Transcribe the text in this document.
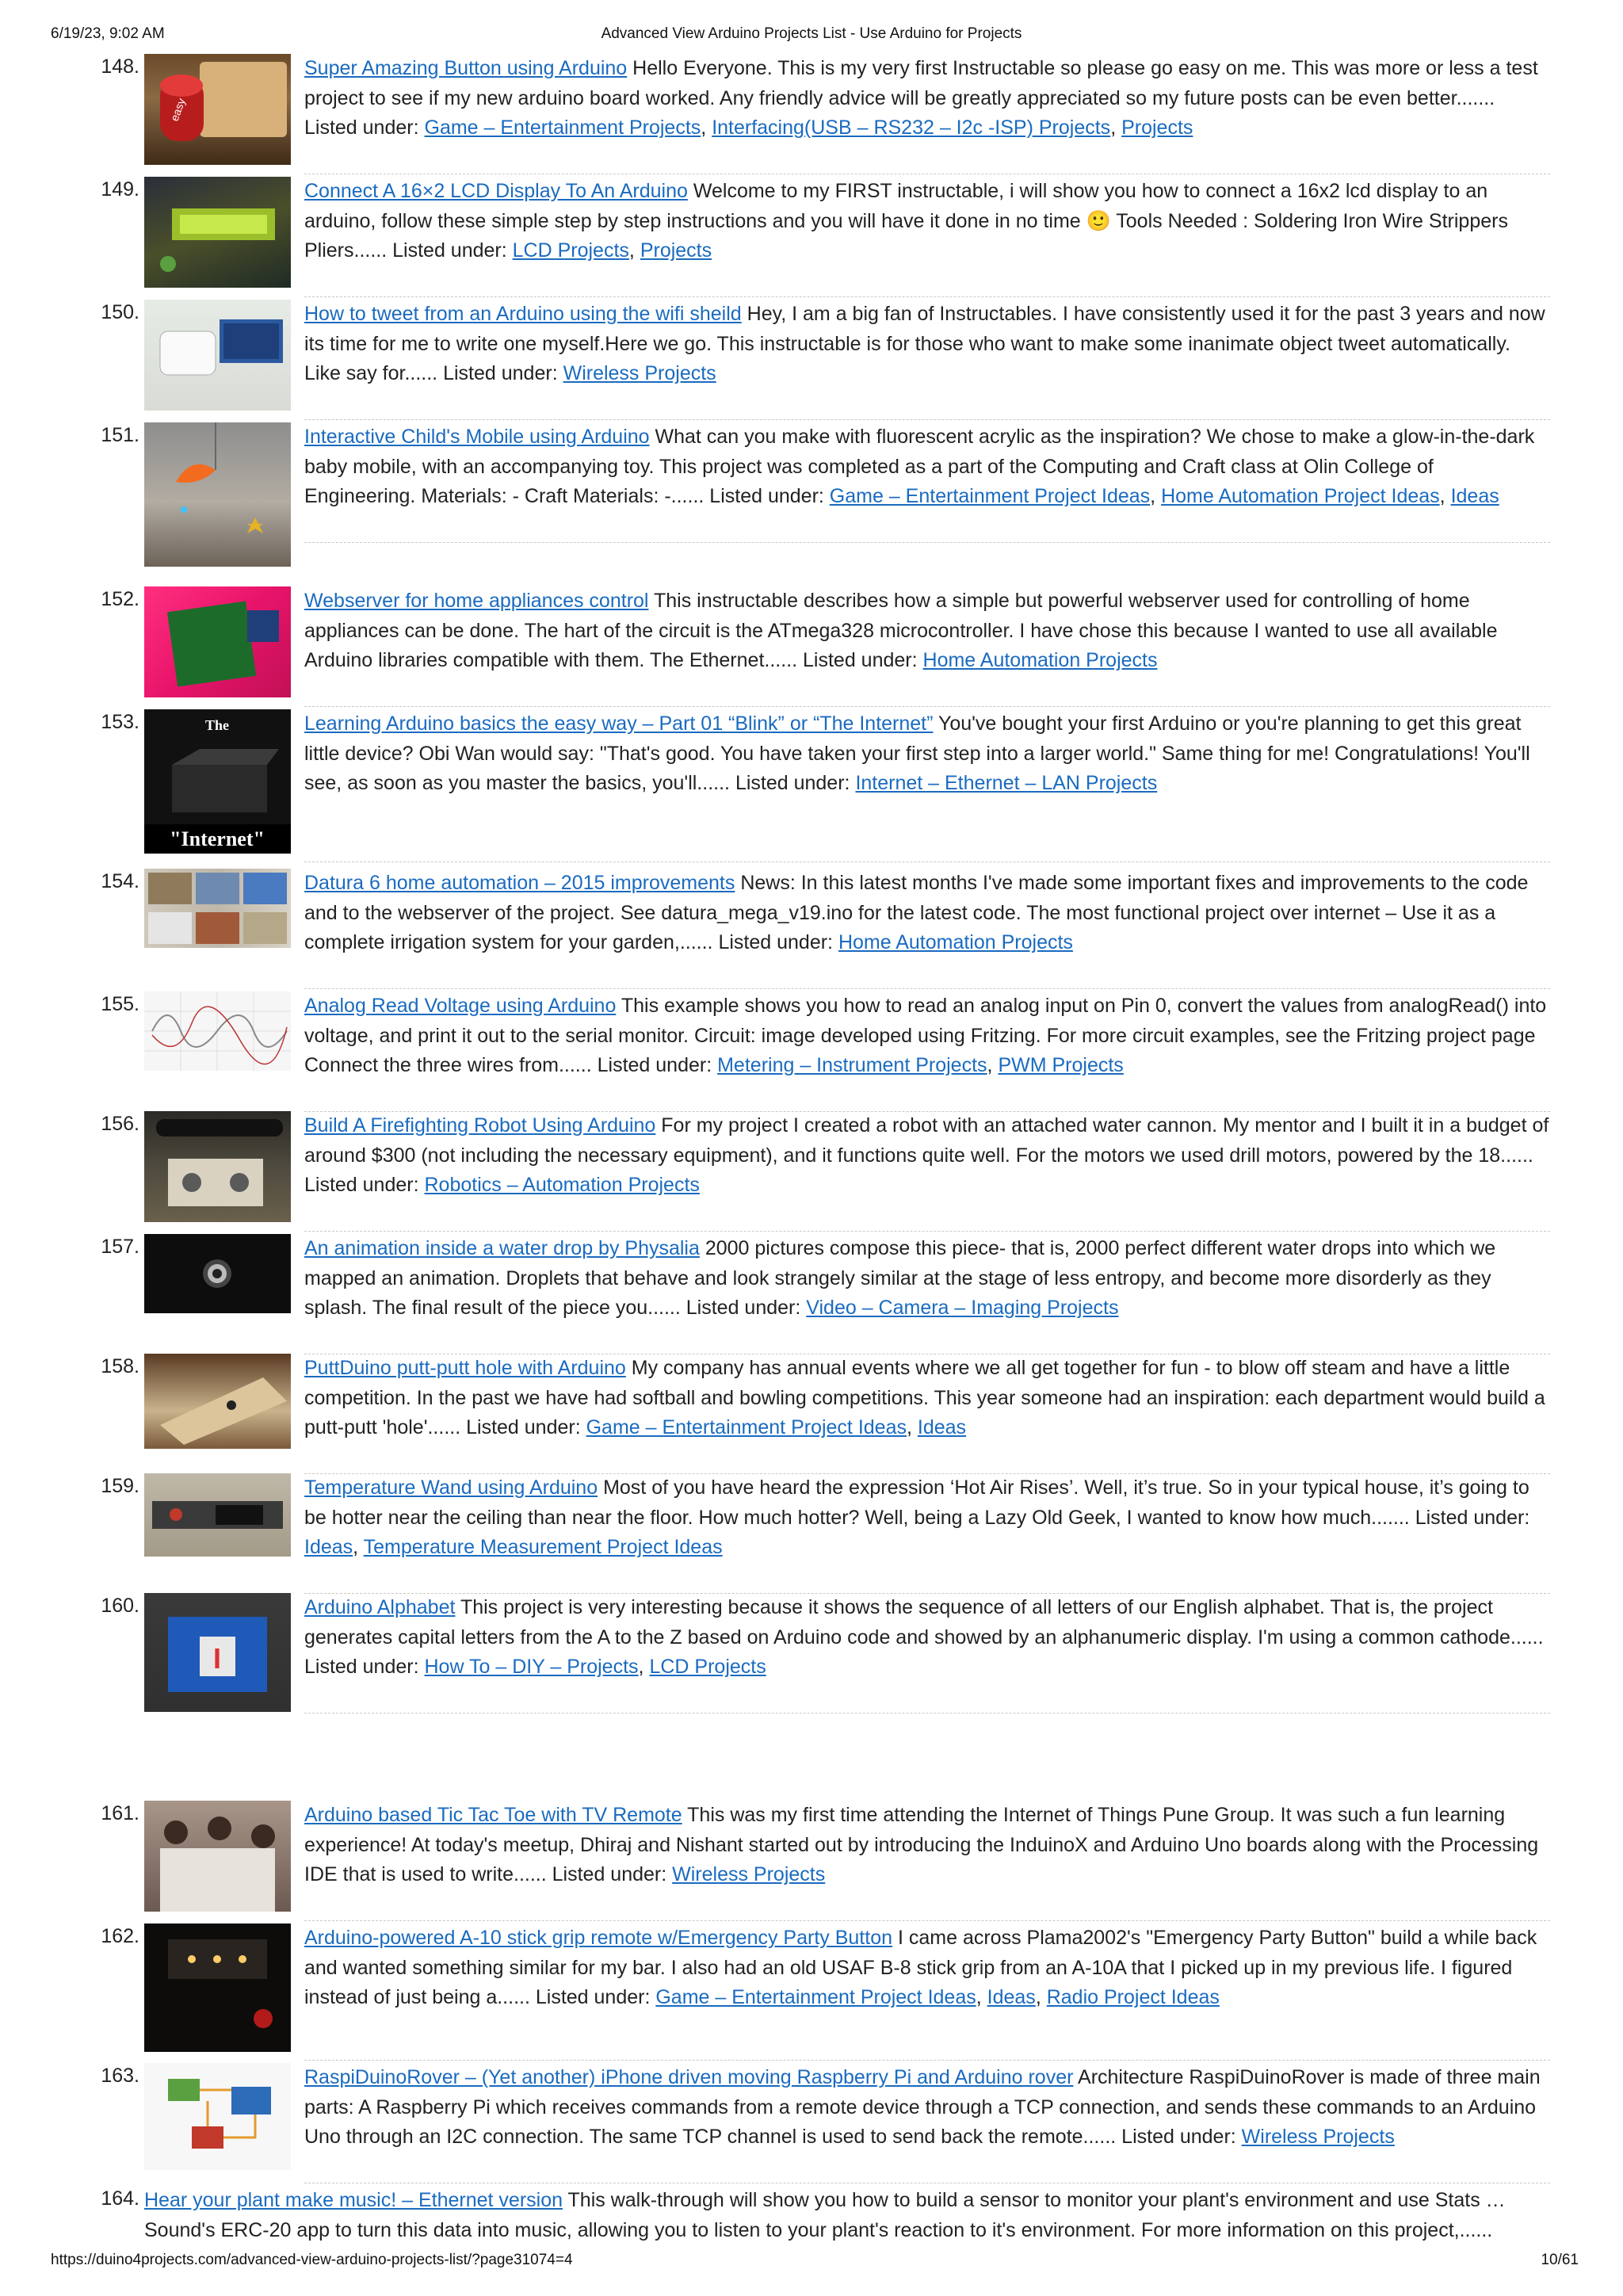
6/19/23, 9:02 AM	Advanced View Arduino Projects List - Use Arduino for Projects
148.
easy
Super Amazing Button using Arduino Hello Everyone. This is my very first Instructable so please go easy on me. This was more or less a test project to see if my new arduino board worked. Any friendly advice will be greatly appreciated so my future posts can be even better....... Listed under: Game – Entertainment Projects, Interfacing(USB – RS232 – I2c -ISP) Projects, Projects
149.	Connect A 16×2 LCD Display To An Arduino Welcome to my FIRST instructable, i will show you how to connect a 16x2 lcd display to an arduino, follow these simple step by step instructions and you will have it done in no time 🙂 Tools Needed : Soldering Iron Wire Strippers Pliers...... Listed under: LCD Projects, Projects
150.	How to tweet from an Arduino using the wifi sheild Hey, I am a big fan of Instructables. I have consistently used it for the past 3 years and now its time for me to write one myself.Here we go. This instructable is for those who want to make some inanimate object tweet automatically. Like say for...... Listed under: Wireless Projects
151.	Interactive Child's Mobile using Arduino What can you make with fluorescent acrylic as the inspiration? We chose to make a glow-in-the-dark baby mobile, with an accompanying toy. This project was completed as a part of the Computing and Craft class at Olin College of Engineering. Materials: - Craft Materials: -...... Listed under: Game – Entertainment Project Ideas, Home Automation Project Ideas, Ideas
152.	Webserver for home appliances control This instructable describes how a simple but powerful webserver used for controlling of home appliances can be done. The hart of the circuit is the ATmega328 microcontroller. I have chose this because I wanted to use all available Arduino libraries compatible with them. The Ethernet...... Listed under: Home Automation Projects
153.	The
"Internet"
Learning Arduino basics the easy way – Part 01 “Blink” or “The Internet” You've bought your first Arduino or you're planning to get this great little device? Obi Wan would say: "That's good. You have taken your first step into a larger world." Same thing for me! Congratulations! You'll see, as soon as you master the basics, you'll...... Listed under: Internet – Ethernet – LAN Projects
154.	Datura 6 home automation – 2015 improvements News: In this latest months I've made some important fixes and improvements to the code and to the webserver of the project. See datura_mega_v19.ino for the latest code. The most functional project over internet – Use it as a complete irrigation system for your garden,...... Listed under: Home Automation Projects
155.	Analog Read Voltage using Arduino This example shows you how to read an analog input on Pin 0, convert the values from analogRead() into voltage, and print it out to the serial monitor. Circuit: image developed using Fritzing. For more circuit examples, see the Fritzing project page Connect the three wires from...... Listed under: Metering – Instrument Projects, PWM Projects
156.	Build A Firefighting Robot Using Arduino For my project I created a robot with an attached water cannon. My mentor and I built it in a budget of around $300 (not including the necessary equipment), and it functions quite well. For the motors we used drill motors, powered by the 18...... Listed under: Robotics – Automation Projects
157.	An animation inside a water drop by Physalia 2000 pictures compose this piece- that is, 2000 perfect different water drops into which we mapped an animation. Droplets that behave and look strangely similar at the stage of less entropy, and become more disorderly as they splash. The final result of the piece you...... Listed under: Video – Camera – Imaging Projects
158.	PuttDuino putt-putt hole with Arduino My company has annual events where we all get together for fun - to blow off steam and have a little competition. In the past we have had softball and bowling competitions. This year someone had an inspiration: each department would build a putt-putt 'hole'...... Listed under: Game – Entertainment Project Ideas, Ideas
159.	Temperature Wand using Arduino Most of you have heard the expression ‘Hot Air Rises’. Well, it’s true. So in your typical house, it’s going to be hotter near the ceiling than near the floor. How much hotter? Well, being a Lazy Old Geek, I wanted to know how much....... Listed under: Ideas, Temperature Measurement Project Ideas
160.
I
Arduino Alphabet This project is very interesting because it shows the sequence of all letters of our English alphabet. That is, the project generates capital letters from the A to the Z based on Arduino code and showed by an alphanumeric display. I'm using a common cathode...... Listed under: How To – DIY – Projects, LCD Projects
161.	Arduino based Tic Tac Toe with TV Remote This was my first time attending the Internet of Things Pune Group. It was such a fun learning experience! At today's meetup, Dhiraj and Nishant started out by introducing the InduinoX and Arduino Uno boards along with the Processing IDE that is used to write...... Listed under: Wireless Projects
162.	Arduino-powered A-10 stick grip remote w/Emergency Party Button I came across Plama2002's "Emergency Party Button" build a while back and wanted something similar for my bar. I also had an old USAF B-8 stick grip from an A-10A that I picked up in my previous life. I figured instead of just being a...... Listed under: Game – Entertainment Project Ideas, Ideas, Radio Project Ideas
163.	RaspiDuinoRover – (Yet another) iPhone driven moving Raspberry Pi and Arduino rover Architecture RaspiDuinoRover is made of three main parts: A Raspberry Pi which receives commands from a remote device through a TCP connection, and sends these commands to an Arduino Uno through an I2C connection. The same TCP channel is used to send back the remote...... Listed under: Wireless Projects
164. Hear your plant make music! – Ethernet version This walk-through will show you how to build a sensor to monitor your plant's environment and use Stats … Sound's ERC-20 app to turn this data into music, allowing you to listen to your plant's reaction to it's environment. For more information on this project,......
https://duino4projects.com/advanced-view-arduino-projects-list/?page31074=4	10/61
